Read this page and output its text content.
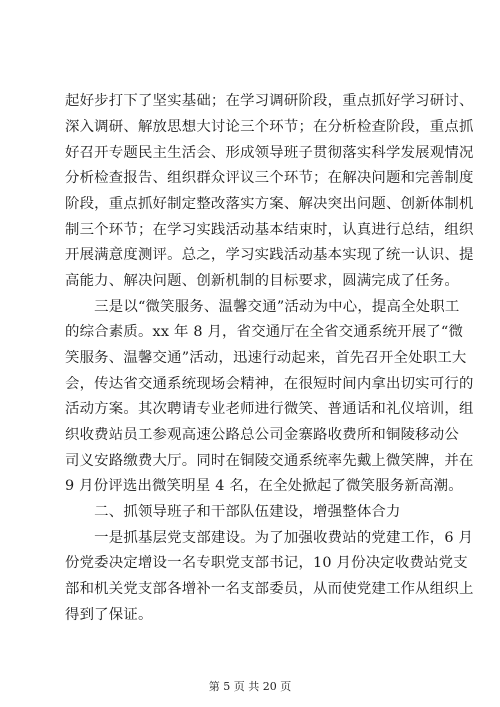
起好步打下了坚实基础；在学习调研阶段，重点抓好学习研讨、
深入调研、解放思想大讨论三个环节；在分析检查阶段，重点抓
好召开专题民主生活会、形成领导班子贯彻落实科学发展观情况
分析检查报告、组织群众评议三个环节；在解决问题和完善制度
阶段，重点抓好制定整改落实方案、解决突出问题、创新体制机
制三个环节；在学习实践活动基本结束时，认真进行总结，组织
开展满意度测评。总之，学习实践活动基本实现了统一认识、提
高能力、解决问题、创新机制的目标要求，圆满完成了任务。
　　三是以“微笑服务、温馨交通”活动为中心，提高全处职工
的综合素质。xx 年 8 月，省交通厅在全省交通系统开展了“微
笑服务、温馨交通”活动，迅速行动起来，首先召开全处职工大
会，传达省交通系统现场会精神，在很短时间内拿出切实可行的
活动方案。其次聘请专业老师进行微笑、普通话和礼仪培训，组
织收费站员工参观高速公路总公司金寨路收费所和铜陵移动公
司义安路缴费大厅。同时在铜陵交通系统率先戴上微笑牌，并在
9 月份评选出微笑明星 4 名，在全处掀起了微笑服务新高潮。
　　二、抓领导班子和干部队伍建设，增强整体合力
　　一是抓基层党支部建设。为了加强收费站的党建工作，6 月
份党委决定增设一名专职党支部书记，10 月份决定收费站党支
部和机关党支部各增补一名支部委员，从而使党建工作从组织上
得到了保证。
第 5 页 共 20 页
